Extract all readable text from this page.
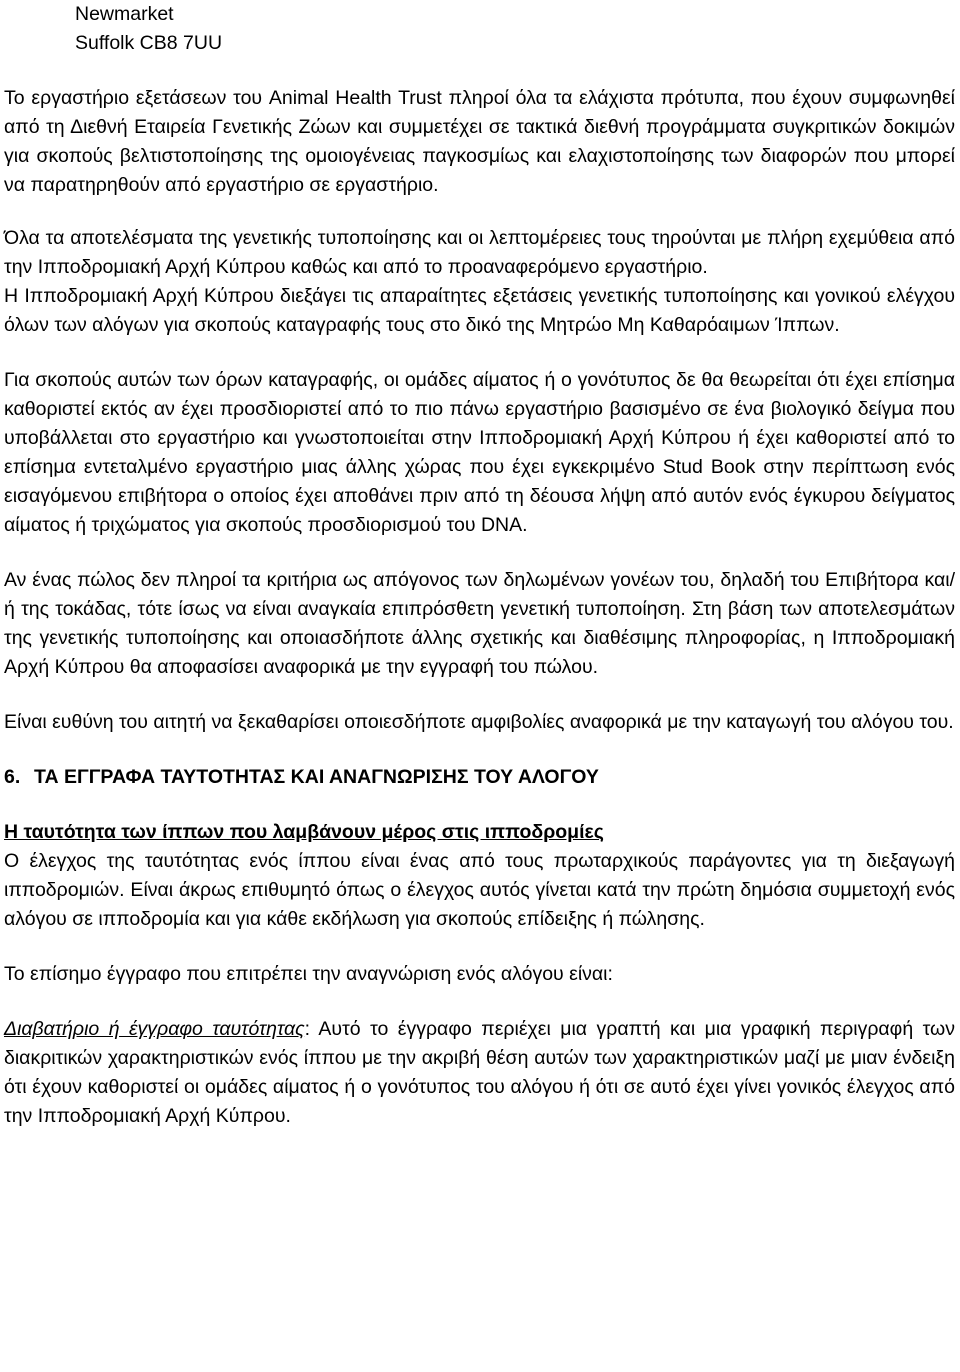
Newmarket
Suffolk CB8 7UU

Το εργαστήριο εξετάσεων του Animal Health Trust πληροί όλα τα ελάχιστα πρότυπα, που έχουν συμφωνηθεί από τη Διεθνή Εταιρεία Γενετικής Ζώων και συμμετέχει σε τακτικά διεθνή προγράμματα συγκριτικών δοκιμών για σκοπούς βελτιστοποίησης της ομοιογένειας παγκοσμίως και ελαχιστοποίησης των διαφορών που μπορεί να παρατηρηθούν από εργαστήριο σε εργαστήριο.

Όλα τα αποτελέσματα της γενετικής τυποποίησης και οι λεπτομέρειες τους τηρούνται με πλήρη εχεμύθεια από την Ιπποδρομιακή Αρχή Κύπρου καθώς και από το προαναφερόμενο εργαστήριο.

Η Ιπποδρομιακή Αρχή Κύπρου διεξάγει τις απαραίτητες εξετάσεις γενετικής τυποποίησης και γονικού ελέγχου όλων των αλόγων για σκοπούς καταγραφής τους στο δικό της Μητρώο Μη Καθαρόαιμων Ίππων.

Για σκοπούς αυτών των όρων καταγραφής, οι ομάδες αίματος ή ο γονότυπος δε θα θεωρείται ότι έχει επίσημα καθοριστεί εκτός αν έχει προσδιοριστεί από το πιο πάνω εργαστήριο βασισμένο σε ένα βιολογικό δείγμα που υποβάλλεται στο εργαστήριο και γνωστοποιείται στην Ιπποδρομιακή Αρχή Κύπρου ή έχει καθοριστεί από το επίσημα εντεταλμένο εργαστήριο μιας άλλης χώρας που έχει εγκεκριμένο Stud Book στην περίπτωση ενός εισαγόμενου επιβήτορα ο οποίος έχει αποθάνει πριν από τη δέουσα λήψη από αυτόν ενός έγκυρου δείγματος αίματος ή τριχώματος για σκοπούς προσδιορισμού του DNA.

Αν ένας πώλος δεν πληροί τα κριτήρια ως απόγονος των δηλωμένων γονέων του, δηλαδή του Επιβήτορα και/ή της τοκάδας, τότε ίσως να είναι αναγκαία επιπρόσθετη γενετική τυποποίηση. Στη βάση των αποτελεσμάτων της γενετικής τυποποίησης και οποιασδήποτε άλλης σχετικής και διαθέσιμης πληροφορίας, η Ιπποδρομιακή Αρχή Κύπρου θα αποφασίσει αναφορικά με την εγγραφή του πώλου.

Είναι ευθύνη του αιτητή να ξεκαθαρίσει οποιεσδήποτε αμφιβολίες αναφορικά με την καταγωγή του αλόγου του.

6. ΤΑ ΕΓΓΡΑΦΑ ΤΑΥΤΟΤΗΤΑΣ ΚΑΙ ΑΝΑΓΝΩΡΙΣΗΣ ΤΟΥ ΑΛΟΓΟΥ
Η ταυτότητα των ίππων που λαμβάνουν μέρος στις ιπποδρομίες

Ο έλεγχος της ταυτότητας ενός ίππου είναι ένας από τους πρωταρχικούς παράγοντες για τη διεξαγωγή ιπποδρομιών. Είναι άκρως επιθυμητό όπως ο έλεγχος αυτός γίνεται κατά την πρώτη δημόσια συμμετοχή ενός αλόγου σε ιπποδρομία και για κάθε εκδήλωση για σκοπούς επίδειξης ή πώλησης.

Το επίσημο έγγραφο που επιτρέπει την αναγνώριση ενός αλόγου είναι:

Διαβατήριο ή έγγραφο ταυτότητας: Αυτό το έγγραφο περιέχει μια γραπτή και μια γραφική περιγραφή των διακριτικών χαρακτηριστικών ενός ίππου με την ακριβή θέση αυτών των χαρακτηριστικών μαζί με μιαν ένδειξη ότι έχουν καθοριστεί οι ομάδες αίματος ή ο γονότυπος του αλόγου ή ότι σε αυτό έχει γίνει γονικός έλεγχος από την Ιπποδρομιακή Αρχή Κύπρου.
